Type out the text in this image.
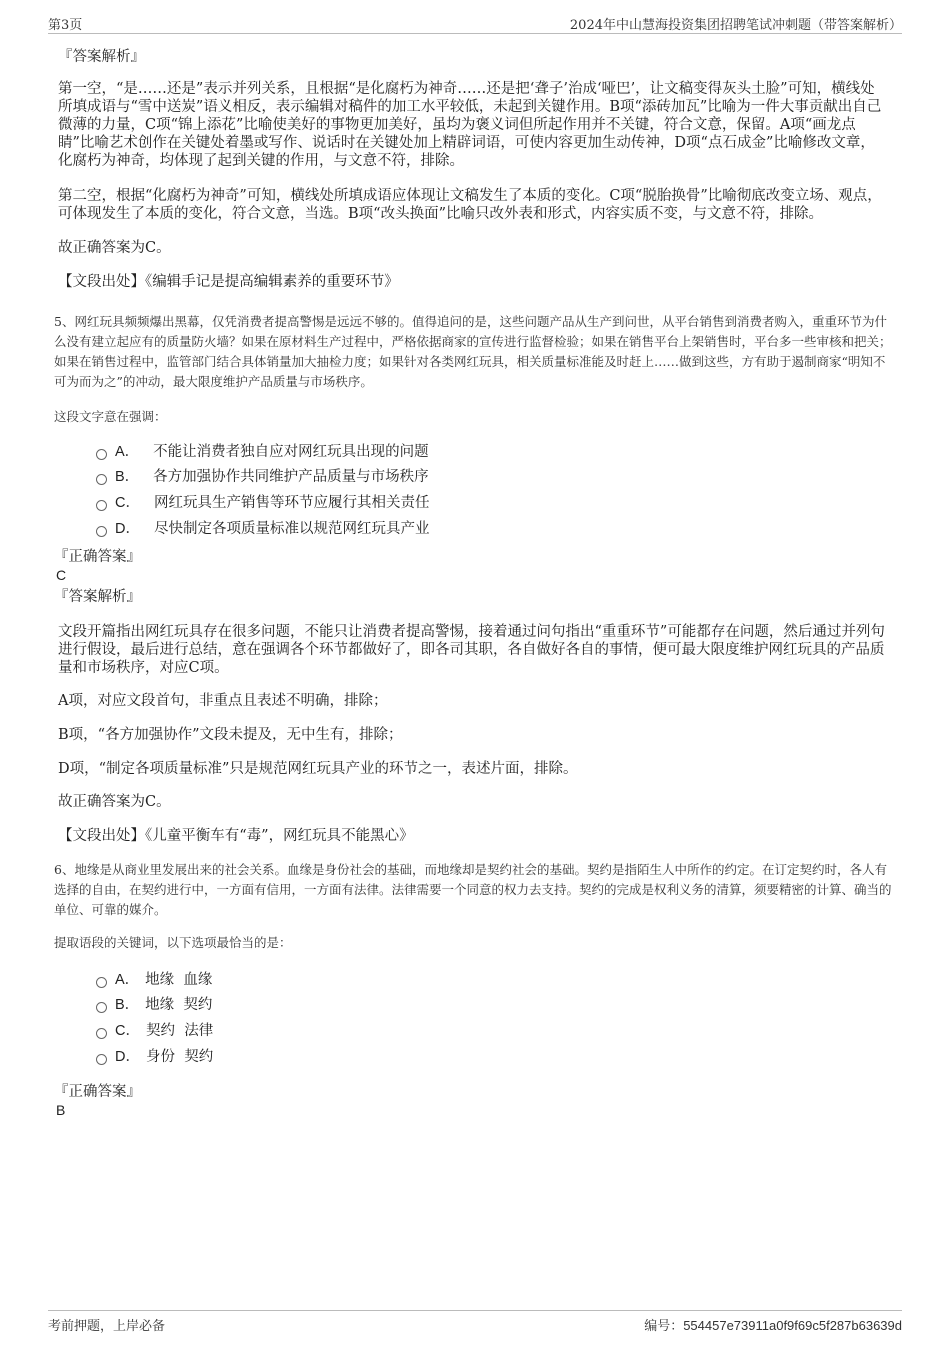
第3页	2024年中山慧海投资集团招聘笔试冲刺题（带答案解析）
『答案解析』
第一空，“是……还是”表示并列关系，且根据“是化腐朽为神奇……还是把‘聋子’治成‘哑巴’，让文稿变得灰头土脸”可知，横线处所填成语与“雪中送炭”语义相反，表示编辑对稿件的加工水平较低，未起到关键作用。B项“添砖加瓦”比喻为一件大事贡献出自己微薄的力量，C项“锦上添花”比喻使美好的事物更加美好，虽均为褒义词但所起作用并不关键，符合文意，保留。A项“画龙点睛”比喻艺术创作在关键处着墨或写作、说话时在关键处加上精辟词语，可使内容更加生动传神，D项“点石成金”比喻修改文章，化腐朽为神奇，均体现了起到关键的作用，与文意不符，排除。
第二空，根据“化腐朽为神奇”可知，横线处所填成语应体现让文稿发生了本质的变化。C项“脱胎换骨”比喻彻底改变立场、观点，可体现发生了本质的变化，符合文意，当选。B项“改头换面”比喻只改外表和形式，内容实质不变，与文意不符，排除。
故正确答案为C。
【文段出处】《编辑手记是提高编辑素养的重要环节》
5、网红玩具频频爆出黑幕，仅凭消费者提高警惕是远远不够的。值得追问的是，这些问题产品从生产到问世，从平台销售到消费者购入，重重环节为什么没有建立起应有的质量防火墙？如果在原材料生产过程中，严格依据商家的宣传进行监督检验；如果在销售平台上架销售时，平台多一些审核和把关；如果在销售过程中，监管部门结合具体销量加大抽检力度；如果针对各类网红玩具，相关质量标准能及时赶上……做到这些，方有助于遏制商家“明知不可为而为之”的冲动，最大限度维护产品质量与市场秩序。
这段文字意在强调：
A． 不能让消费者独自应对网红玩具出现的问题
B． 各方加强协作共同维护产品质量与市场秩序
C． 网红玩具生产销售等环节应履行其相关责任
D． 尽快制定各项质量标准以规范网红玩具产业
『正确答案』
C
『答案解析』
文段开篇指出网红玩具存在很多问题，不能只让消费者提高警惕，接着通过问句指出“重重环节”可能都存在问题，然后通过并列句进行假设，最后进行总结，意在强调各个环节都做好了，即各司其职，各自做好各自的事情，便可最大限度维护网红玩具的产品质量和市场秩序，对应C项。
A项，对应文段首句，非重点且表述不明确，排除；
B项，“各方加强协作”文段未提及，无中生有，排除；
D项，“制定各项质量标准”只是规范网红玩具产业的环节之一，表述片面，排除。
故正确答案为C。
【文段出处】《儿童平衡车有“毒”，网红玩具不能黑心》
6、地缘是从商业里发展出来的社会关系。血缘是身份社会的基础，而地缘却是契约社会的基础。契约是指陌生人中所作的约定。在订定契约时，各人有选择的自由，在契约进行中，一方面有信用，一方面有法律。法律需要一个同意的权力去支持。契约的完成是权利义务的清算，须要精密的计算、确当的单位、可靠的媒介。
提取语段的关键词，以下选项最恰当的是：
A． 地缘  血缘
B． 地缘  契约
C． 契约  法律
D． 身份  契约
『正确答案』
B
考前押题，上岸必备	编号：554457e73911a0f9f69c5f287b63639d
